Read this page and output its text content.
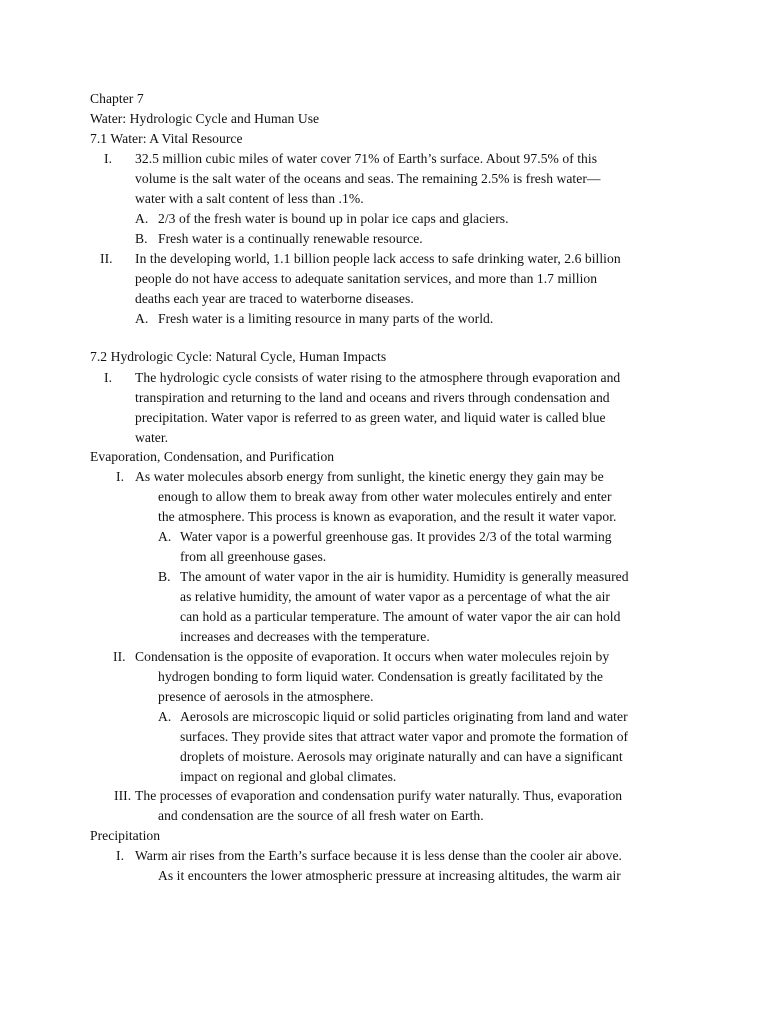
Chapter 7
Water: Hydrologic Cycle and Human Use
7.1 Water: A Vital Resource
I. 32.5 million cubic miles of water cover 71% of Earth’s surface. About 97.5% of this
volume is the salt water of the oceans and seas. The remaining 2.5% is fresh water—
water with a salt content of less than .1%.
A. 2/3 of the fresh water is bound up in polar ice caps and glaciers.
B. Fresh water is a continually renewable resource.
II. In the developing world, 1.1 billion people lack access to safe drinking water, 2.6 billion
people do not have access to adequate sanitation services, and more than 1.7 million
deaths each year are traced to waterborne diseases.
A. Fresh water is a limiting resource in many parts of the world.
7.2 Hydrologic Cycle: Natural Cycle, Human Impacts
I. The hydrologic cycle consists of water rising to the atmosphere through evaporation and
transpiration and returning to the land and oceans and rivers through condensation and
precipitation. Water vapor is referred to as green water, and liquid water is called blue
water.
Evaporation, Condensation, and Purification
I. As water molecules absorb energy from sunlight, the kinetic energy they gain may be
enough to allow them to break away from other water molecules entirely and enter
the atmosphere. This process is known as evaporation, and the result it water vapor.
A. Water vapor is a powerful greenhouse gas. It provides 2/3 of the total warming
from all greenhouse gases.
B. The amount of water vapor in the air is humidity. Humidity is generally measured
as relative humidity, the amount of water vapor as a percentage of what the air
can hold as a particular temperature. The amount of water vapor the air can hold
increases and decreases with the temperature.
II. Condensation is the opposite of evaporation. It occurs when water molecules rejoin by
hydrogen bonding to form liquid water. Condensation is greatly facilitated by the
presence of aerosols in the atmosphere.
A. Aerosols are microscopic liquid or solid particles originating from land and water
surfaces. They provide sites that attract water vapor and promote the formation of
droplets of moisture. Aerosols may originate naturally and can have a significant
impact on regional and global climates.
III. The processes of evaporation and condensation purify water naturally. Thus, evaporation
and condensation are the source of all fresh water on Earth.
Precipitation
I. Warm air rises from the Earth’s surface because it is less dense than the cooler air above.
As it encounters the lower atmospheric pressure at increasing altitudes, the warm air
